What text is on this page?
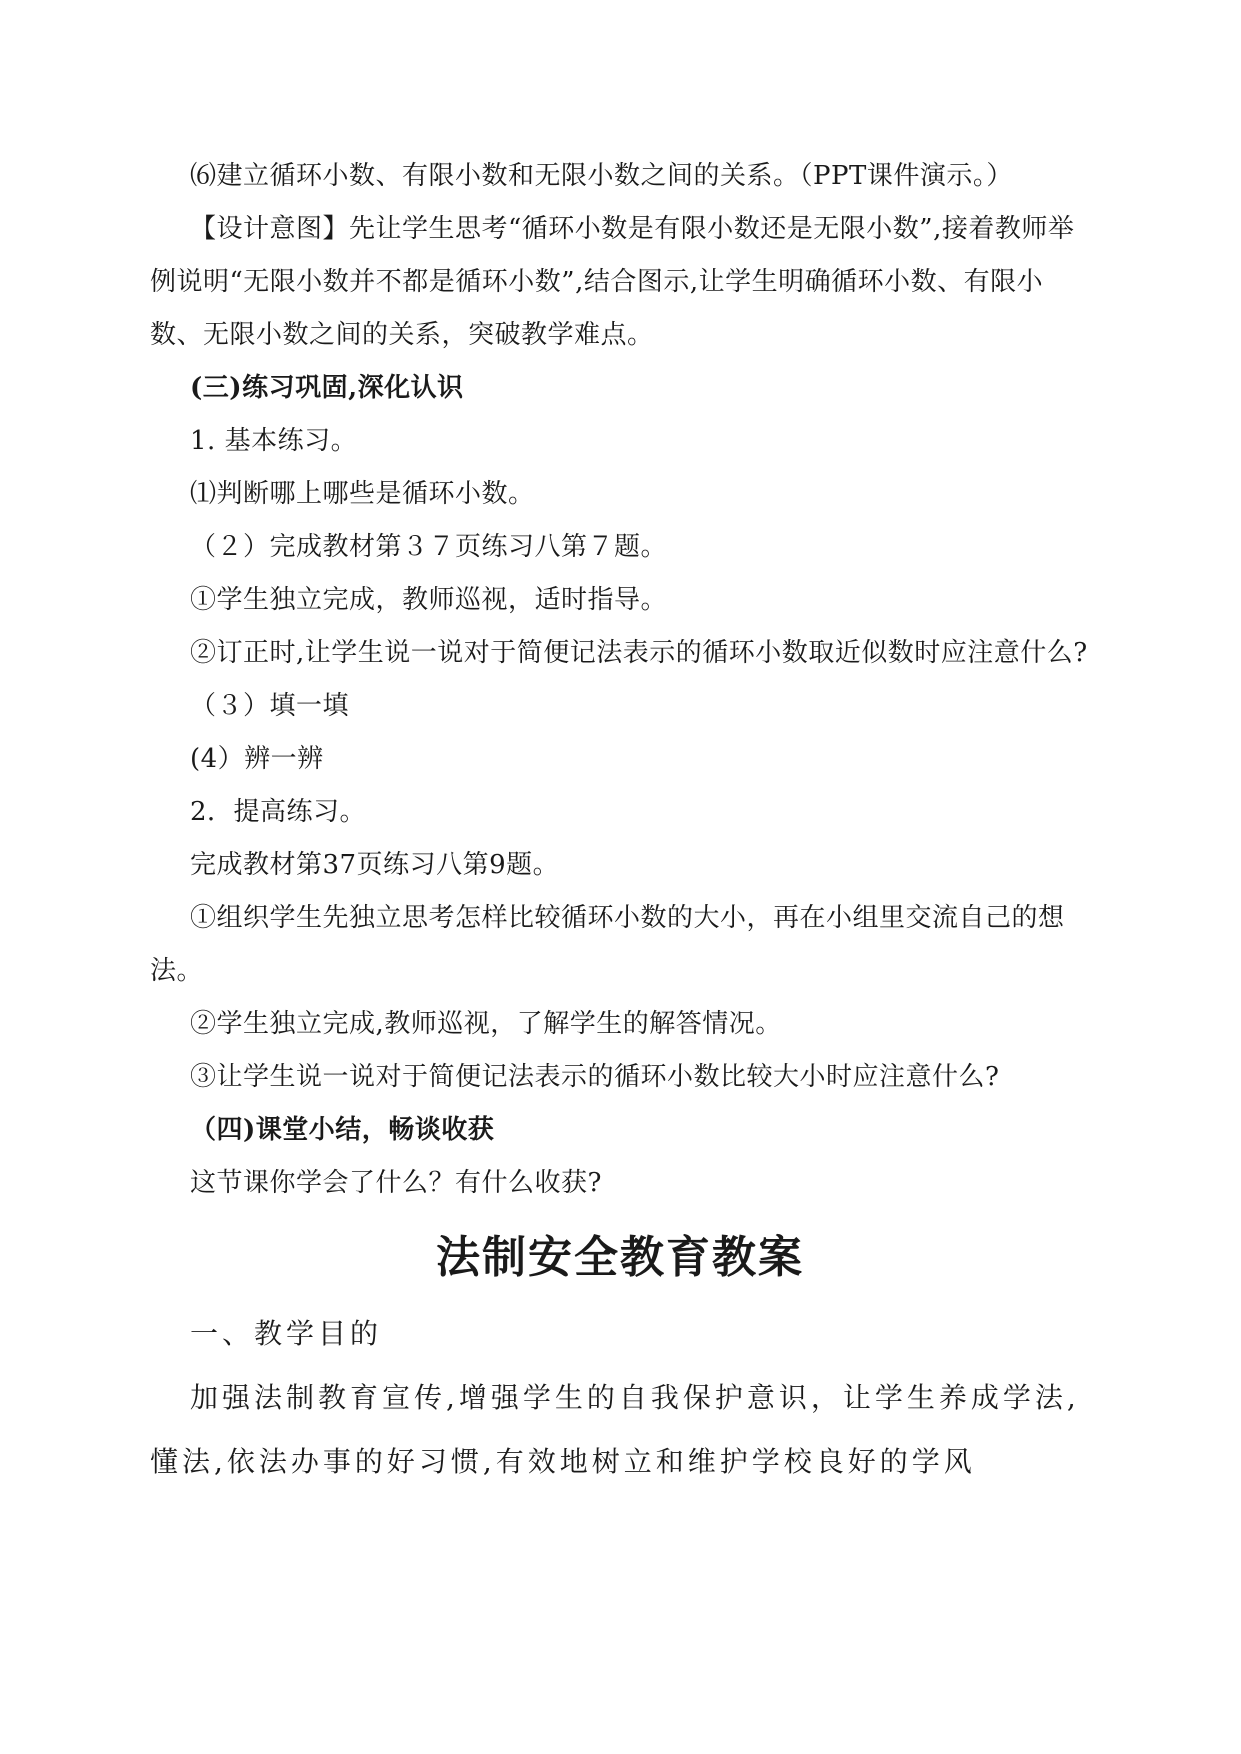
⑹建立循环小数、有限小数和无限小数之间的关系。（PPT课件演示。）

【设计意图】先让学生思考“循环小数是有限小数还是无限小数”,接着教师举例说明“无限小数并不都是循环小数”,结合图示,让学生明确循环小数、有限小数、无限小数之间的关系，突破教学难点。

(三)练习巩固,深化认识

1. 基本练习。

⑴判断哪上哪些是循环小数。

（２）完成教材第３７页练习八第７题。

①学生独立完成，教师巡视，适时指导。

②订正时,让学生说一说对于简便记法表示的循环小数取近似数时应注意什么?

（３）填一填

(4）辨一辨

2．提高练习。

完成教材第37页练习八第9题。

①组织学生先独立思考怎样比较循环小数的大小，再在小组里交流自己的想法。

②学生独立完成,教师巡视，了解学生的解答情况。

③让学生说一说对于简便记法表示的循环小数比较大小时应注意什么?

（四)课堂小结，畅谈收获

这节课你学会了什么？有什么收获?

法制安全教育教案

一、教学目的

加强法制教育宣传,增强学生的自我保护意识，让学生养成学法,懂法,依法办事的好习惯,有效地树立和维护学校良好的学风
